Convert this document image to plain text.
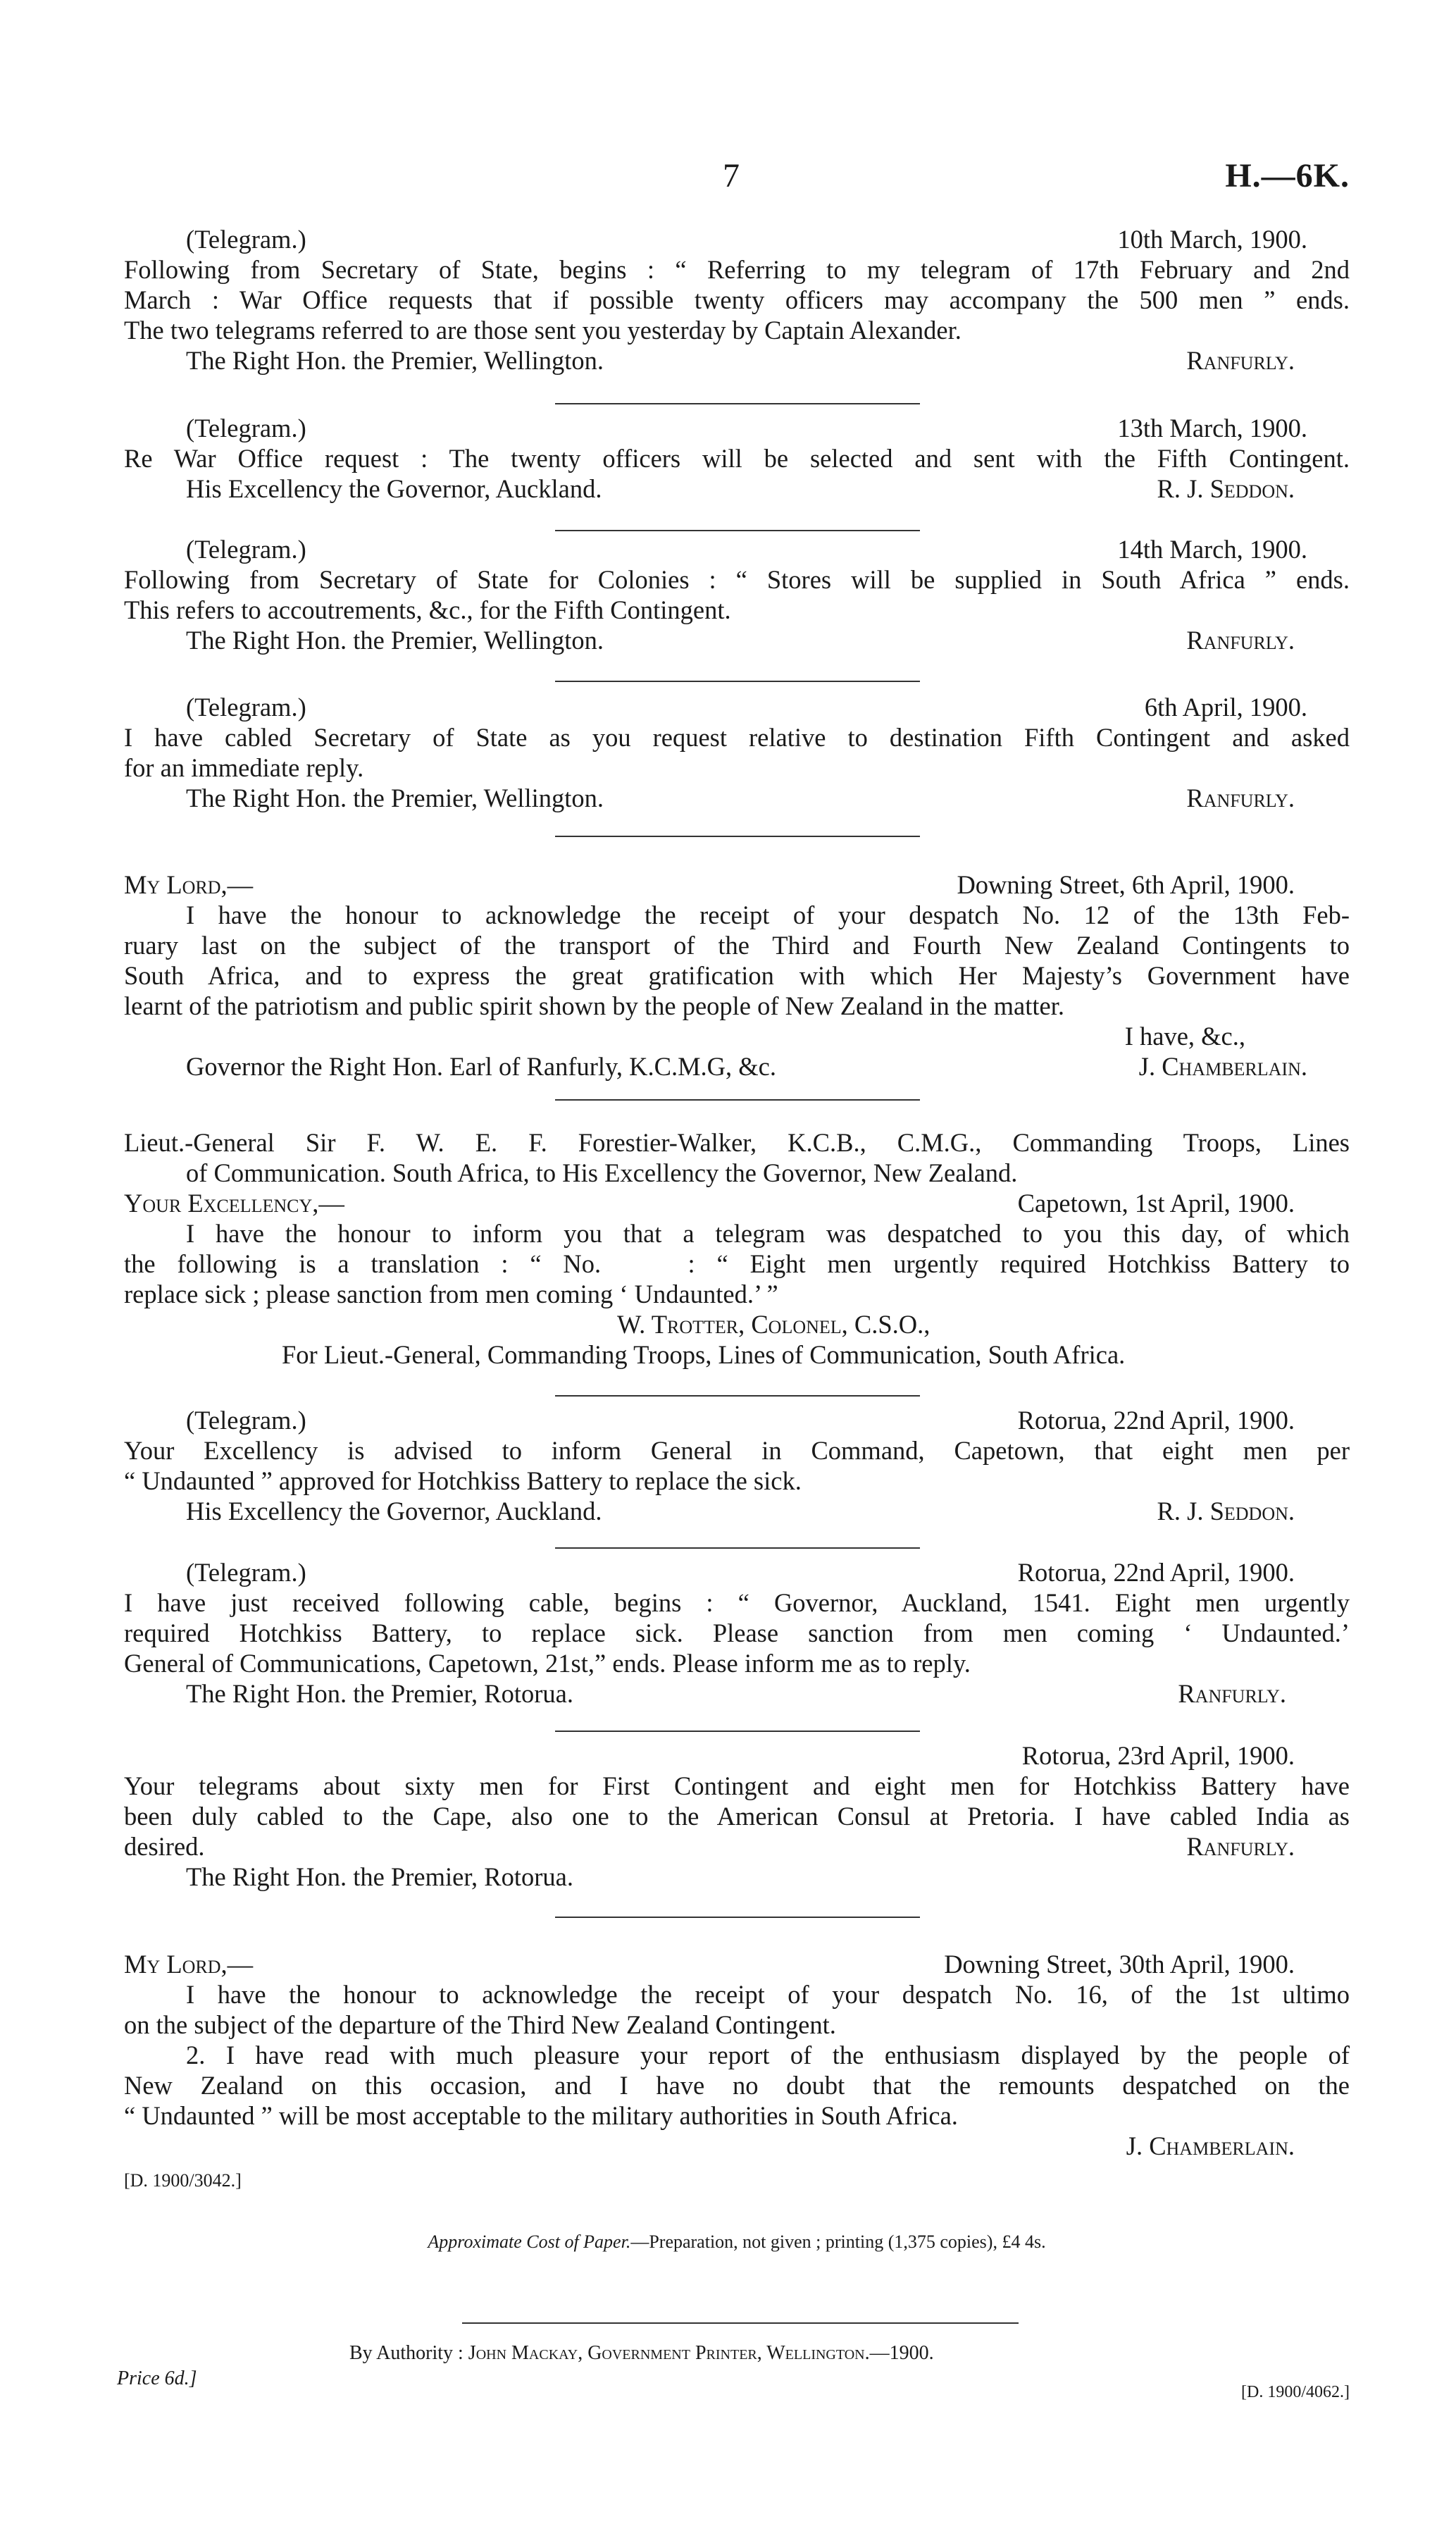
7	H.—6K.
(Telegram.)	10th March, 1900.
Following from Secretary of State, begins : “ Referring to my telegram of 17th February and 2nd
March : War Office requests that if possible twenty officers may accompany the 500 men ” ends.
The two telegrams referred to are those sent you yesterday by Captain Alexander.
The Right Hon. the Premier, Wellington.	Ranfurly.
(Telegram.)	13th March, 1900.
Re War Office request : The twenty officers will be selected and sent with the Fifth Contingent.
His Excellency the Governor, Auckland.	R. J. Seddon.
(Telegram.)	14th March, 1900.
Following from Secretary of State for Colonies : “ Stores will be supplied in South Africa ” ends.
This refers to accoutrements, &c., for the Fifth Contingent.
The Right Hon. the Premier, Wellington.	Ranfurly.
(Telegram.)	6th April, 1900.
I have cabled Secretary of State as you request relative to destination Fifth Contingent and asked
for an immediate reply.
The Right Hon. the Premier, Wellington.	Ranfurly.
My Lord,—	Downing Street, 6th April, 1900.
I have the honour to acknowledge the receipt of your despatch No. 12 of the 13th Feb-
ruary last on the subject of the transport of the Third and Fourth New Zealand Contingents to
South Africa, and to express the great gratification with which Her Majesty’s Government have
learnt of the patriotism and public spirit shown by the people of New Zealand in the matter.
I have, &c.,
Governor the Right Hon. Earl of Ranfurly, K.C.M.G, &c.	J. Chamberlain.
Lieut.-General Sir F. W. E. F. Forestier-Walker, K.C.B., C.M.G., Commanding Troops, Lines
of Communication. South Africa, to His Excellency the Governor, New Zealand.
Your Excellency,—	Capetown, 1st April, 1900.
I have the honour to inform you that a telegram was despatched to you this day, of which
the following is a translation : “ No.    : “ Eight men urgently required Hotchkiss Battery to
replace sick ; please sanction from men coming ‘ Undaunted.’ ”
W. Trotter, Colonel, C.S.O.,
For Lieut.-General, Commanding Troops, Lines of Communication, South Africa.
(Telegram.)	Rotorua, 22nd April, 1900.
Your Excellency is advised to inform General in Command, Capetown, that eight men per
“ Undaunted ” approved for Hotchkiss Battery to replace the sick.
His Excellency the Governor, Auckland.	R. J. Seddon.
(Telegram.)	Rotorua, 22nd April, 1900.
I have just received following cable, begins : “ Governor, Auckland, 1541. Eight men urgently
required Hotchkiss Battery, to replace sick. Please sanction from men coming ‘ Undaunted.’
General of Communications, Capetown, 21st,” ends. Please inform me as to reply.
The Right Hon. the Premier, Rotorua.	Ranfurly.
Rotorua, 23rd April, 1900.
Your telegrams about sixty men for First Contingent and eight men for Hotchkiss Battery have
been duly cabled to the Cape, also one to the American Consul at Pretoria. I have cabled India as
desired.	Ranfurly.
The Right Hon. the Premier, Rotorua.
My Lord,—	Downing Street, 30th April, 1900.
I have the honour to acknowledge the receipt of your despatch No. 16, of the 1st ultimo
on the subject of the departure of the Third New Zealand Contingent.
2. I have read with much pleasure your report of the enthusiasm displayed by the people of
New Zealand on this occasion, and I have no doubt that the remounts despatched on the
“ Undaunted ” will be most acceptable to the military authorities in South Africa.
J. Chamberlain.
[D. 1900/3042.]
Approximate Cost of Paper.—Preparation, not given ; printing (1,375 copies), £4 4s.
By Authority : John Mackay, Government Printer, Wellington.—1900.
Price 6d.]
[D. 1900/4062.]
